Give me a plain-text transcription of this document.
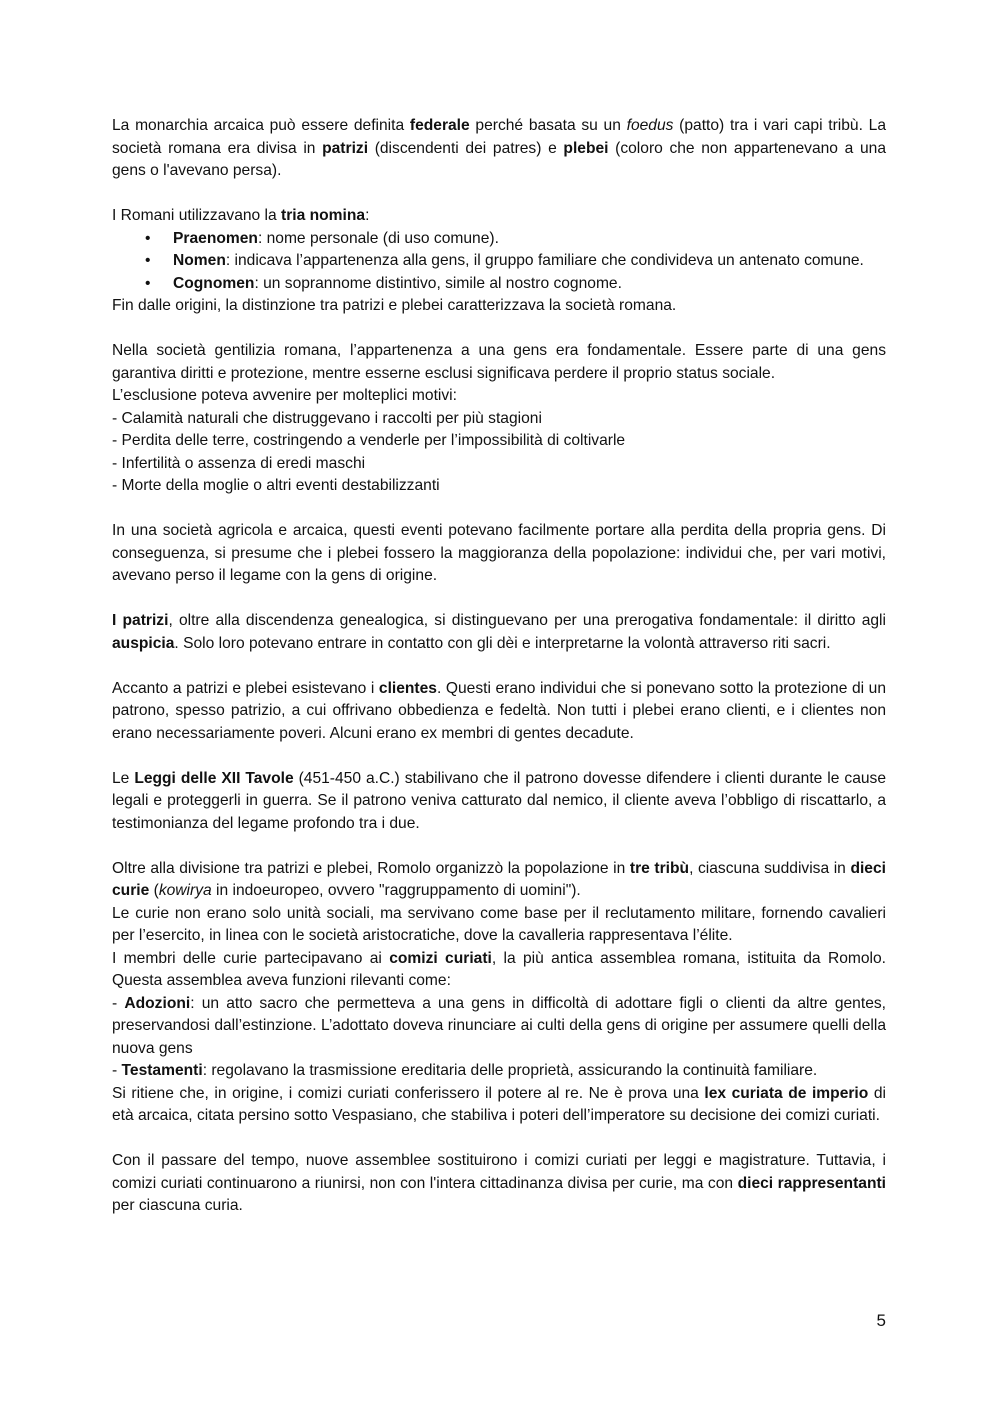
La monarchia arcaica può essere definita federale perché basata su un foedus (patto) tra i vari capi tribù. La società romana era divisa in patrizi (discendenti dei patres) e plebei (coloro che non appartenevano a una gens o l'avevano persa).

I Romani utilizzavano la tria nomina:

• Praenomen: nome personale (di uso comune).
• Nomen: indicava l’appartenenza alla gens, il gruppo familiare che condivideva un antenato comune.
• Cognomen: un soprannome distintivo, simile al nostro cognome.

Fin dalle origini, la distinzione tra patrizi e plebei caratterizzava la società romana.

Nella società gentilizia romana, l’appartenenza a una gens era fondamentale. Essere parte di una gens garantiva diritti e protezione, mentre esserne esclusi significava perdere il proprio status sociale.

L’esclusione poteva avvenire per molteplici motivi:

- Calamità naturali che distruggevano i raccolti per più stagioni

- Perdita delle terre, costringendo a venderle per l’impossibilità di coltivarle

- Infertilità o assenza di eredi maschi

- Morte della moglie o altri eventi destabilizzanti

In una società agricola e arcaica, questi eventi potevano facilmente portare alla perdita della propria gens. Di conseguenza, si presume che i plebei fossero la maggioranza della popolazione: individui che, per vari motivi, avevano perso il legame con la gens di origine.

I patrizi, oltre alla discendenza genealogica, si distinguevano per una prerogativa fondamentale: il diritto agli auspicia. Solo loro potevano entrare in contatto con gli dèi e interpretarne la volontà attraverso riti sacri.

Accanto a patrizi e plebei esistevano i clientes. Questi erano individui che si ponevano sotto la protezione di un patrono, spesso patrizio, a cui offrivano obbedienza e fedeltà. Non tutti i plebei erano clienti, e i clientes non erano necessariamente poveri. Alcuni erano ex membri di gentes decadute.

Le Leggi delle XII Tavole (451-450 a.C.) stabilivano che il patrono dovesse difendere i clienti durante le cause legali e proteggerli in guerra. Se il patrono veniva catturato dal nemico, il cliente aveva l’obbligo di riscattarlo, a testimonianza del legame profondo tra i due.

Oltre alla divisione tra patrizi e plebei, Romolo organizzò la popolazione in tre tribù, ciascuna suddivisa in dieci curie (kowirya in indoeuropeo, ovvero "raggruppamento di uomini").

Le curie non erano solo unità sociali, ma servivano come base per il reclutamento militare, fornendo cavalieri per l’esercito, in linea con le società aristocratiche, dove la cavalleria rappresentava l’élite.

I membri delle curie partecipavano ai comizi curiati, la più antica assemblea romana, istituita da Romolo. Questa assemblea aveva funzioni rilevanti come:

- Adozioni: un atto sacro che permetteva a una gens in difficoltà di adottare figli o clienti da altre gentes, preservandosi dall’estinzione. L’adottato doveva rinunciare ai culti della gens di origine per assumere quelli della nuova gens

- Testamenti: regolavano la trasmissione ereditaria delle proprietà, assicurando la continuità familiare.

Si ritiene che, in origine, i comizi curiati conferissero il potere al re. Ne è prova una lex curiata de imperio di età arcaica, citata persino sotto Vespasiano, che stabiliva i poteri dell’imperatore su decisione dei comizi curiati.

Con il passare del tempo, nuove assemblee sostituirono i comizi curiati per leggi e magistrature. Tuttavia, i comizi curiati continuarono a riunirsi, non con l'intera cittadinanza divisa per curie, ma con dieci rappresentanti per ciascuna curia.

5
